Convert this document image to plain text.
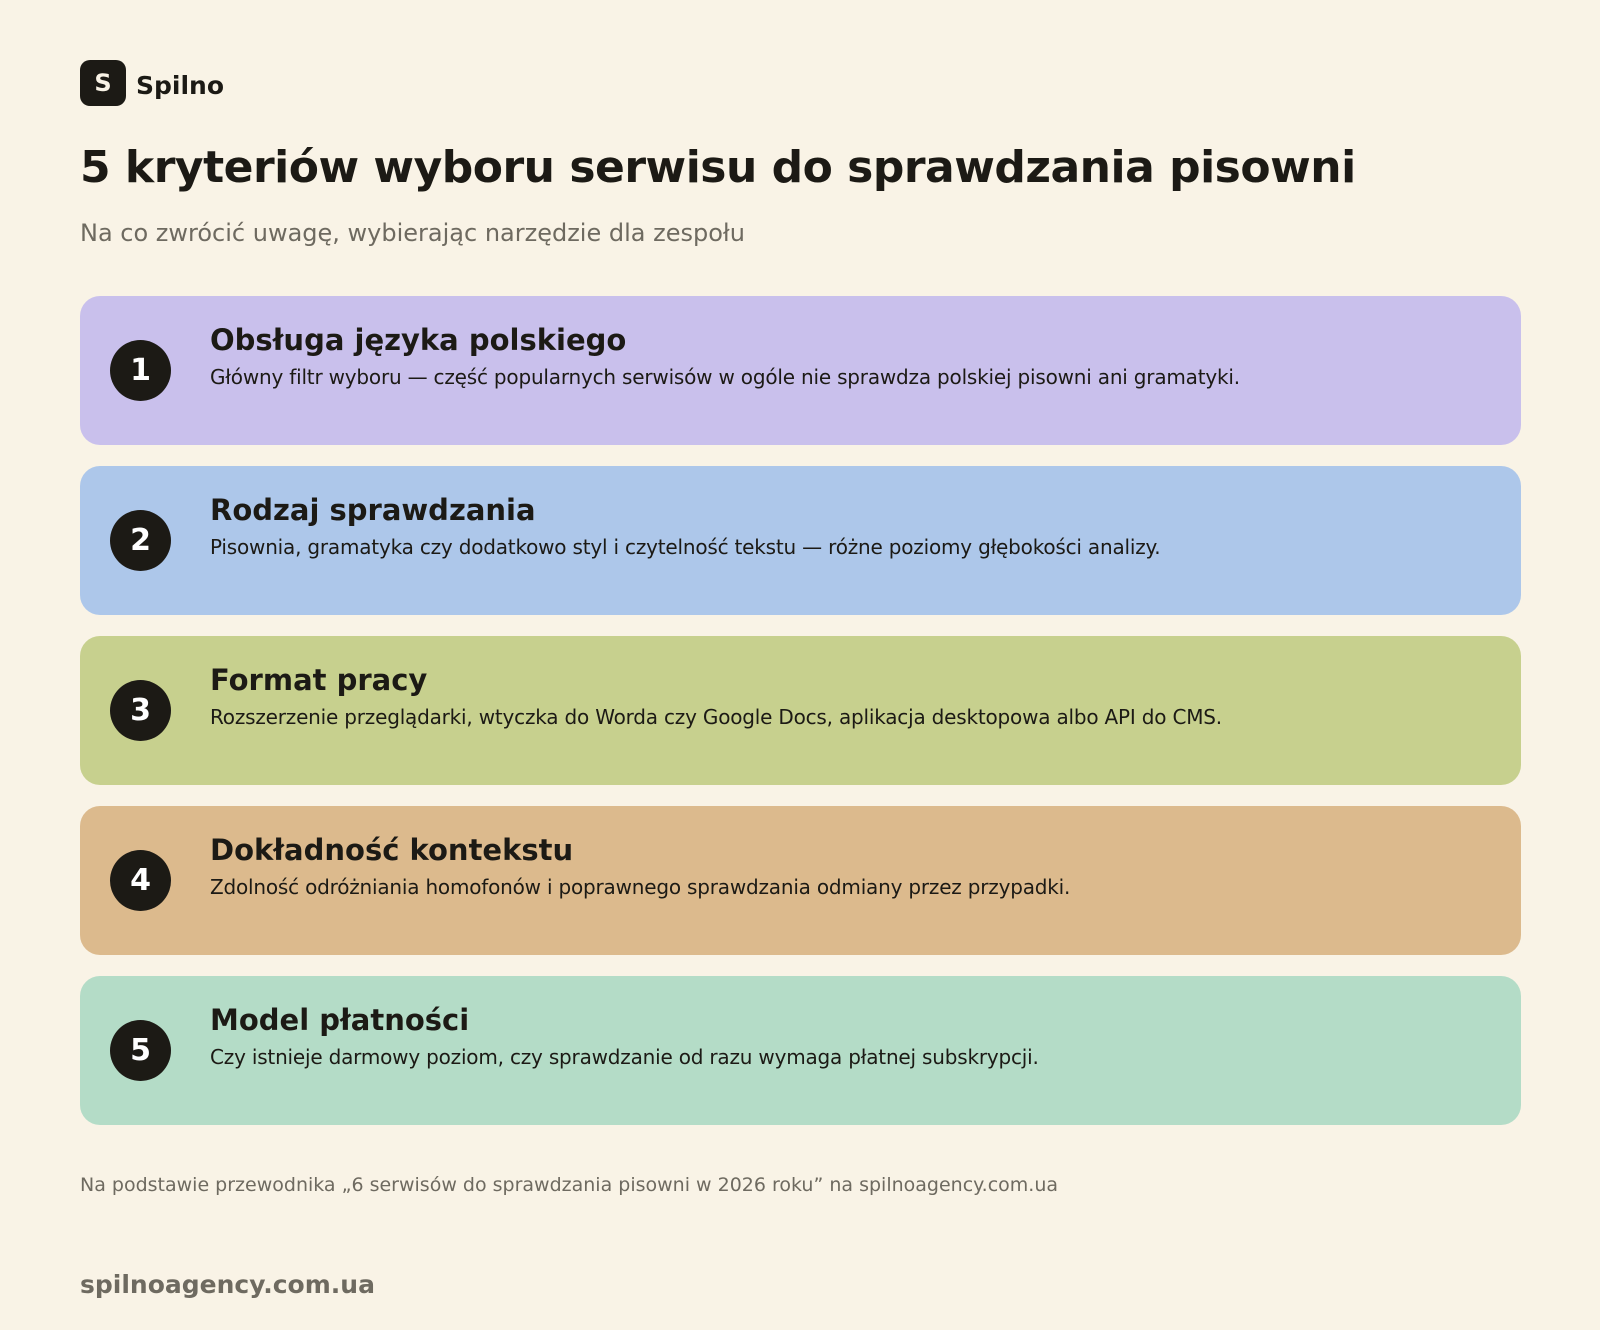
S Spilno
5 kryteriów wyboru serwisu do sprawdzania pisowni

Na co zwrócić uwagę, wybierając narzędzie dla zespołu

1
Obsługa języka polskiego

Główny filtr wyboru — część popularnych serwisów w ogóle nie sprawdza polskiej pisowni ani gramatyki.

2
Rodzaj sprawdzania

Pisownia, gramatyka czy dodatkowo styl i czytelność tekstu — różne poziomy głębokości analizy.

3
Format pracy

Rozszerzenie przeglądarki, wtyczka do Worda czy Google Docs, aplikacja desktopowa albo API do CMS.

4
Dokładność kontekstu

Zdolność odróżniania homofonów i poprawnego sprawdzania odmiany przez przypadki.

5
Model płatności

Czy istnieje darmowy poziom, czy sprawdzanie od razu wymaga płatnej subskrypcji.

Na podstawie przewodnika „6 serwisów do sprawdzania pisowni w 2026 roku” na spilnoagency.com.ua

spilnoagency.com.ua
